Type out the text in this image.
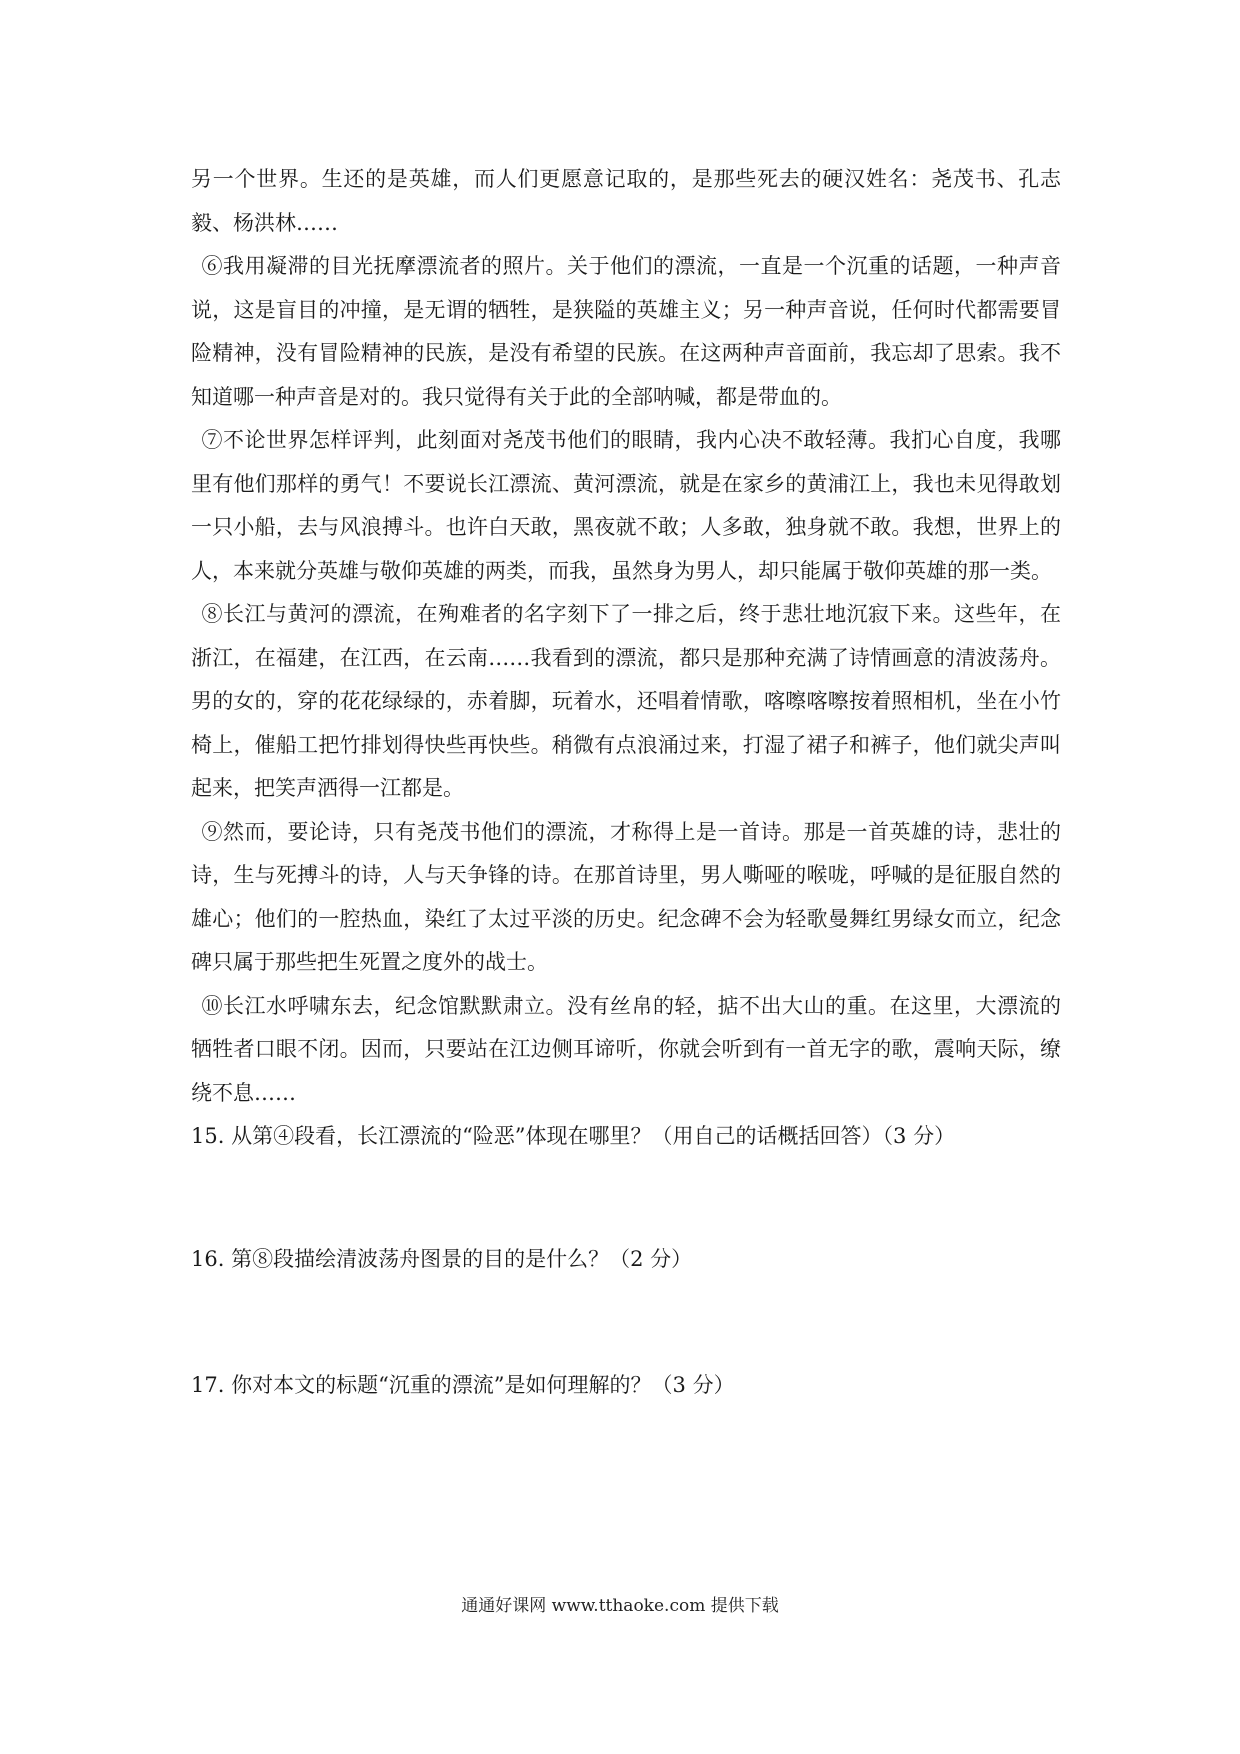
另一个世界。生还的是英雄，而人们更愿意记取的，是那些死去的硬汉姓名：尧茂书、孔志毅、杨洪林……

⑥我用凝滞的目光抚摩漂流者的照片。关于他们的漂流，一直是一个沉重的话题，一种声音说，这是盲目的冲撞，是无谓的牺牲，是狭隘的英雄主义；另一种声音说，任何时代都需要冒险精神，没有冒险精神的民族，是没有希望的民族。在这两种声音面前，我忘却了思索。我不知道哪一种声音是对的。我只觉得有关于此的全部呐喊，都是带血的。

⑦不论世界怎样评判，此刻面对尧茂书他们的眼睛，我内心决不敢轻薄。我扪心自度，我哪里有他们那样的勇气！不要说长江漂流、黄河漂流，就是在家乡的黄浦江上，我也未见得敢划一只小船，去与风浪搏斗。也许白天敢，黑夜就不敢；人多敢，独身就不敢。我想，世界上的人，本来就分英雄与敬仰英雄的两类，而我，虽然身为男人，却只能属于敬仰英雄的那一类。

⑧长江与黄河的漂流，在殉难者的名字刻下了一排之后，终于悲壮地沉寂下来。这些年，在浙江，在福建，在江西，在云南……我看到的漂流，都只是那种充满了诗情画意的清波荡舟。男的女的，穿的花花绿绿的，赤着脚，玩着水，还唱着情歌，喀嚓喀嚓按着照相机，坐在小竹椅上，催船工把竹排划得快些再快些。稍微有点浪涌过来，打湿了裙子和裤子，他们就尖声叫起来，把笑声洒得一江都是。

⑨然而，要论诗，只有尧茂书他们的漂流，才称得上是一首诗。那是一首英雄的诗，悲壮的诗，生与死搏斗的诗，人与天争锋的诗。在那首诗里，男人嘶哑的喉咙，呼喊的是征服自然的雄心；他们的一腔热血，染红了太过平淡的历史。纪念碑不会为轻歌曼舞红男绿女而立，纪念碑只属于那些把生死置之度外的战士。

⑩长江水呼啸东去，纪念馆默默肃立。没有丝帛的轻，掂不出大山的重。在这里，大漂流的牺牲者口眼不闭。因而，只要站在江边侧耳谛听，你就会听到有一首无字的歌，震响天际，缭绕不息……

15. 从第④段看，长江漂流的“险恶”体现在哪里？（用自己的话概括回答）（3 分）

16. 第⑧段描绘清波荡舟图景的目的是什么？（2 分）

17. 你对本文的标题“沉重的漂流”是如何理解的？（3 分）

通通好课网 www.tthaoke.com 提供下载
